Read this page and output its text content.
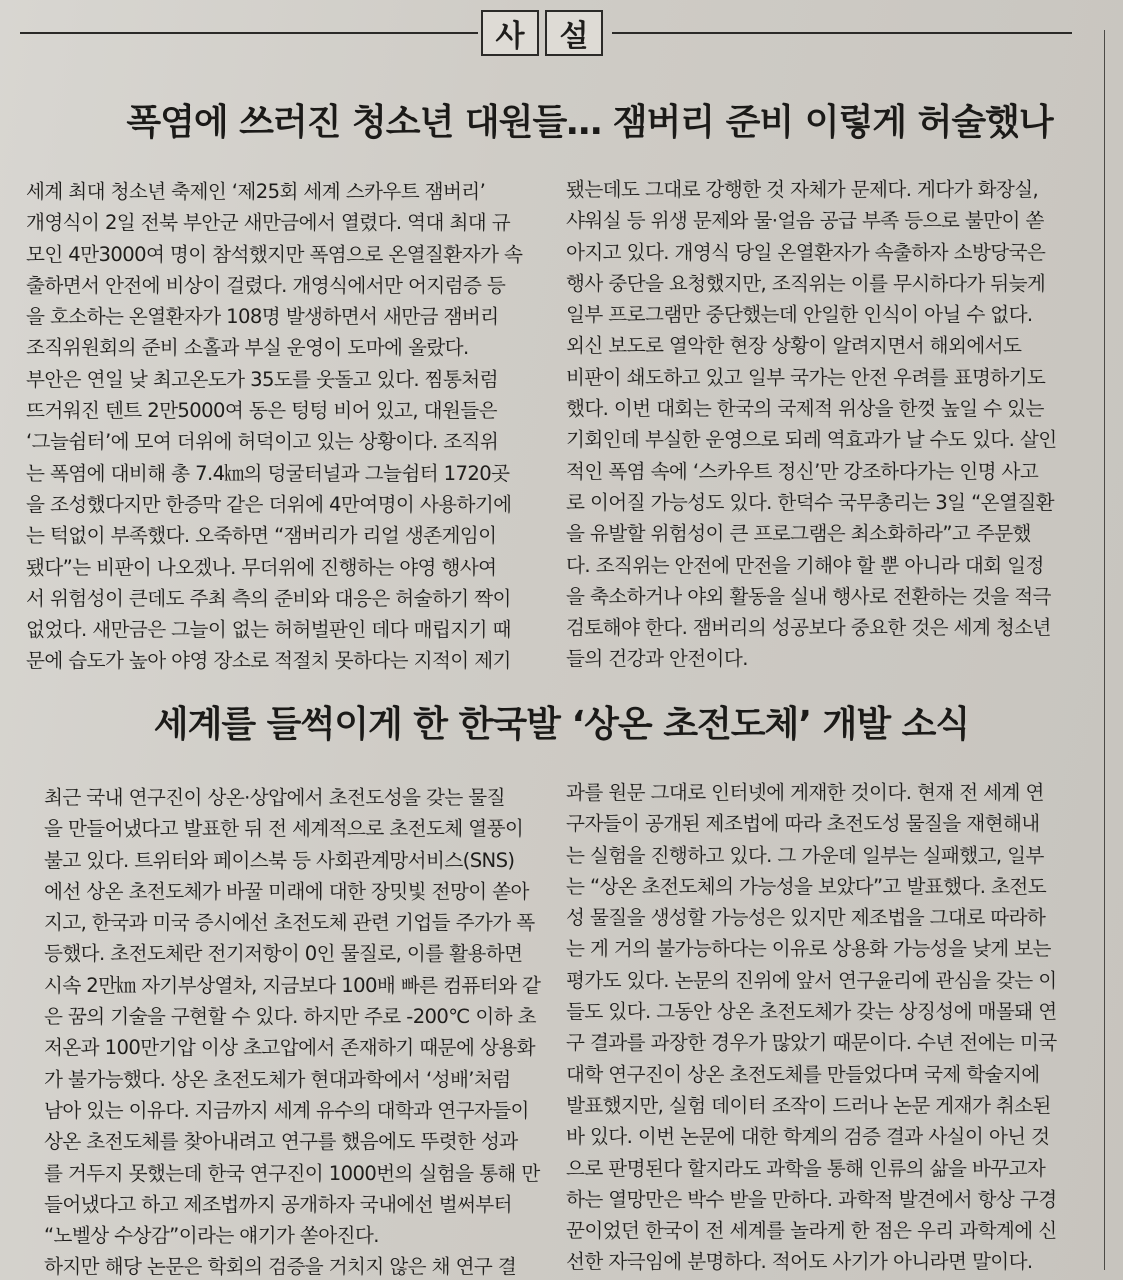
사	설
폭염에 쓰러진 청소년 대원들… 잼버리 준비 이렇게 허술했나
세계 최대 청소년 축제인 ‘제25회 세계 스카우트 잼버리’
개영식이 2일 전북 부안군 새만금에서 열렸다. 역대 최대 규
모인 4만3000여 명이 참석했지만 폭염으로 온열질환자가 속
출하면서 안전에 비상이 걸렸다. 개영식에서만 어지럼증 등
을 호소하는 온열환자가 108명 발생하면서 새만금 잼버리
조직위원회의 준비 소홀과 부실 운영이 도마에 올랐다.
부안은 연일 낮 최고온도가 35도를 웃돌고 있다. 찜통처럼
뜨거워진 텐트 2만5000여 동은 텅텅 비어 있고, 대원들은
‘그늘쉼터’에 모여 더위에 허덕이고 있는 상황이다. 조직위
는 폭염에 대비해 총 7.4㎞의 덩굴터널과 그늘쉼터 1720곳
을 조성했다지만 한증막 같은 더위에 4만여명이 사용하기에
는 턱없이 부족했다. 오죽하면 “잼버리가 리얼 생존게임이
됐다”는 비판이 나오겠나. 무더위에 진행하는 야영 행사여
서 위험성이 큰데도 주최 측의 준비와 대응은 허술하기 짝이
없었다. 새만금은 그늘이 없는 허허벌판인 데다 매립지기 때
문에 습도가 높아 야영 장소로 적절치 못하다는 지적이 제기
됐는데도 그대로 강행한 것 자체가 문제다. 게다가 화장실,
샤워실 등 위생 문제와 물·얼음 공급 부족 등으로 불만이 쏟
아지고 있다. 개영식 당일 온열환자가 속출하자 소방당국은
행사 중단을 요청했지만, 조직위는 이를 무시하다가 뒤늦게
일부 프로그램만 중단했는데 안일한 인식이 아닐 수 없다.
외신 보도로 열악한 현장 상황이 알려지면서 해외에서도
비판이 쇄도하고 있고 일부 국가는 안전 우려를 표명하기도
했다. 이번 대회는 한국의 국제적 위상을 한껏 높일 수 있는
기회인데 부실한 운영으로 되레 역효과가 날 수도 있다. 살인
적인 폭염 속에 ‘스카우트 정신’만 강조하다가는 인명 사고
로 이어질 가능성도 있다. 한덕수 국무총리는 3일 “온열질환
을 유발할 위험성이 큰 프로그램은 최소화하라”고 주문했
다. 조직위는 안전에 만전을 기해야 할 뿐 아니라 대회 일정
을 축소하거나 야외 활동을 실내 행사로 전환하는 것을 적극
검토해야 한다. 잼버리의 성공보다 중요한 것은 세계 청소년
들의 건강과 안전이다.
세계를 들썩이게 한 한국발 ‘상온 초전도체’ 개발 소식
최근 국내 연구진이 상온·상압에서 초전도성을 갖는 물질
을 만들어냈다고 발표한 뒤 전 세계적으로 초전도체 열풍이
불고 있다. 트위터와 페이스북 등 사회관계망서비스(SNS)
에선 상온 초전도체가 바꿀 미래에 대한 장밋빛 전망이 쏟아
지고, 한국과 미국 증시에선 초전도체 관련 기업들 주가가 폭
등했다. 초전도체란 전기저항이 0인 물질로, 이를 활용하면
시속 2만㎞ 자기부상열차, 지금보다 100배 빠른 컴퓨터와 같
은 꿈의 기술을 구현할 수 있다. 하지만 주로 -200℃ 이하 초
저온과 100만기압 이상 초고압에서 존재하기 때문에 상용화
가 불가능했다. 상온 초전도체가 현대과학에서 ‘성배’처럼
남아 있는 이유다. 지금까지 세계 유수의 대학과 연구자들이
상온 초전도체를 찾아내려고 연구를 했음에도 뚜렷한 성과
를 거두지 못했는데 한국 연구진이 1000번의 실험을 통해 만
들어냈다고 하고 제조법까지 공개하자 국내에선 벌써부터
“노벨상 수상감”이라는 얘기가 쏟아진다.
하지만 해당 논문은 학회의 검증을 거치지 않은 채 연구 결
과를 원문 그대로 인터넷에 게재한 것이다. 현재 전 세계 연
구자들이 공개된 제조법에 따라 초전도성 물질을 재현해내
는 실험을 진행하고 있다. 그 가운데 일부는 실패했고, 일부
는 “상온 초전도체의 가능성을 보았다”고 발표했다. 초전도
성 물질을 생성할 가능성은 있지만 제조법을 그대로 따라하
는 게 거의 불가능하다는 이유로 상용화 가능성을 낮게 보는
평가도 있다. 논문의 진위에 앞서 연구윤리에 관심을 갖는 이
들도 있다. 그동안 상온 초전도체가 갖는 상징성에 매몰돼 연
구 결과를 과장한 경우가 많았기 때문이다. 수년 전에는 미국
대학 연구진이 상온 초전도체를 만들었다며 국제 학술지에
발표했지만, 실험 데이터 조작이 드러나 논문 게재가 취소된
바 있다. 이번 논문에 대한 학계의 검증 결과 사실이 아닌 것
으로 판명된다 할지라도 과학을 통해 인류의 삶을 바꾸고자
하는 열망만은 박수 받을 만하다. 과학적 발견에서 항상 구경
꾼이었던 한국이 전 세계를 놀라게 한 점은 우리 과학계에 신
선한 자극임에 분명하다. 적어도 사기가 아니라면 말이다.
